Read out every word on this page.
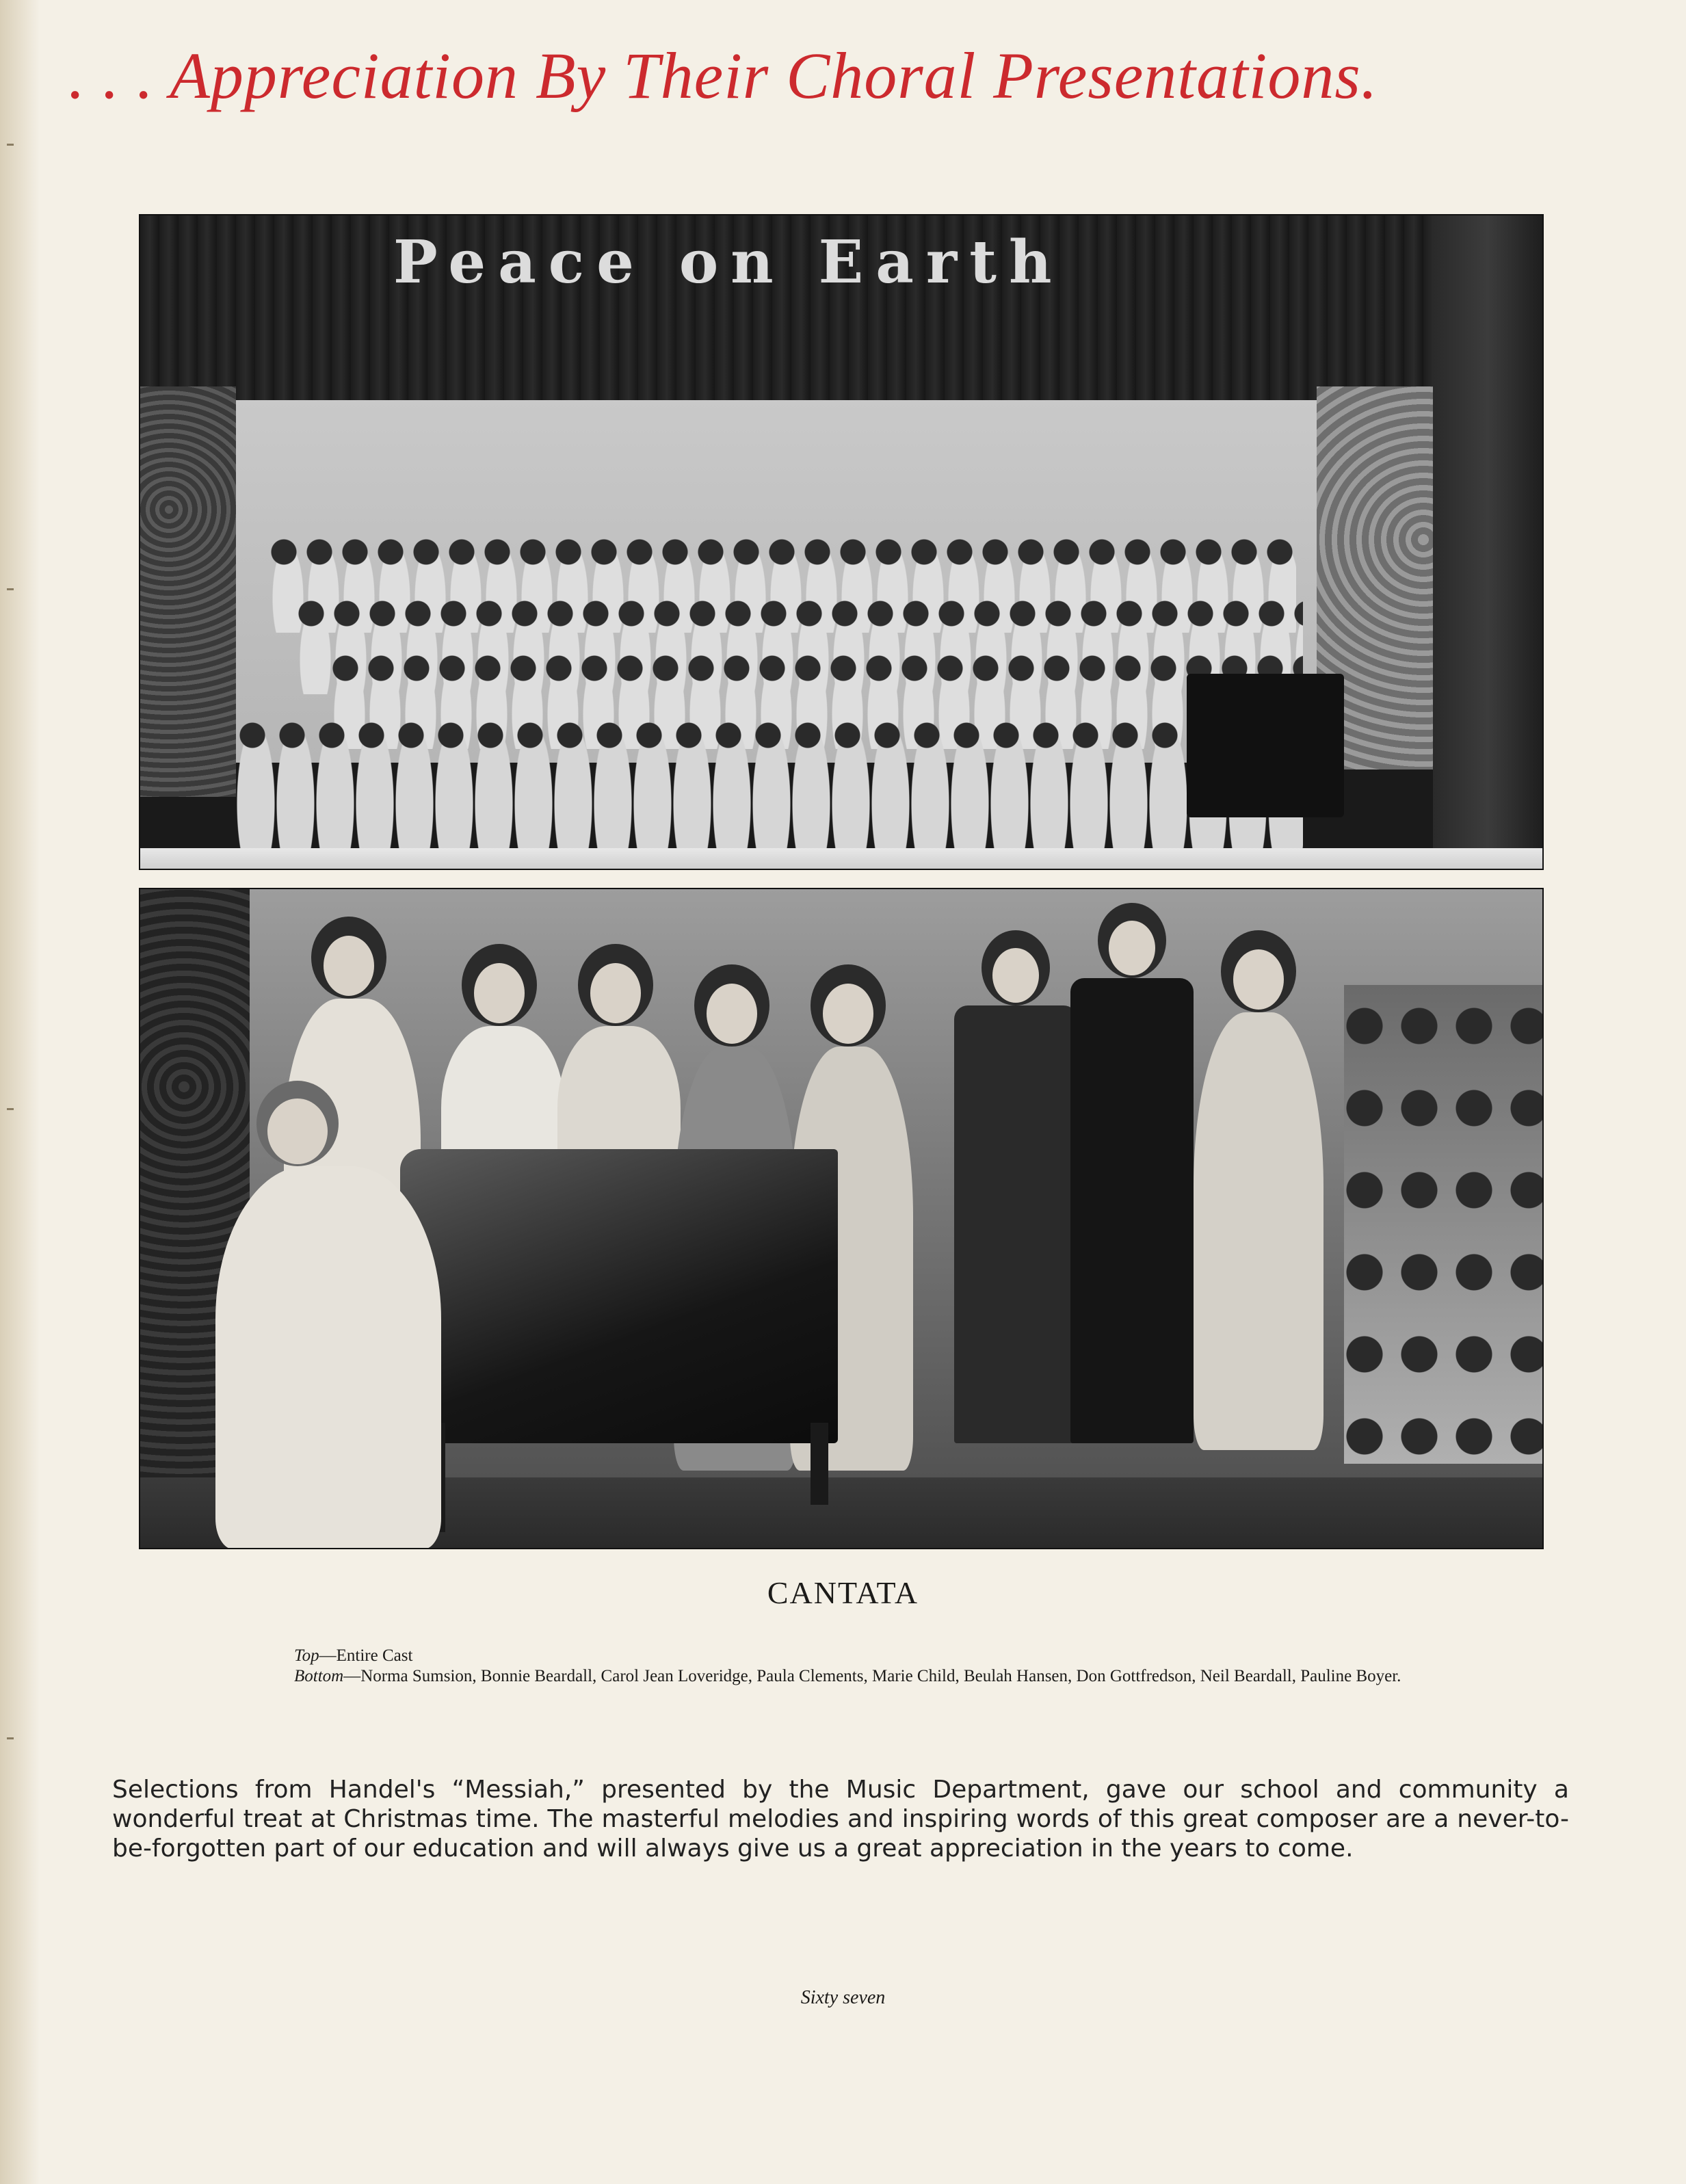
. . . Appreciation By Their Choral Presentations.
Peace on Earth
CANTATA
Top—Entire Cast
Bottom—Norma Sumsion, Bonnie Beardall, Carol Jean Loveridge, Paula Clements, Marie Child, Beulah Hansen, Don Gottfredson, Neil Beardall, Pauline Boyer.
Selections from Handel's “Messiah,” presented by the Music Department, gave our school and community a wonderful treat at Christmas time. The masterful melodies and inspiring words of this great composer are a never-to-be-forgotten part of our education and will always give us a great appreciation in the years to come.
Sixty seven
